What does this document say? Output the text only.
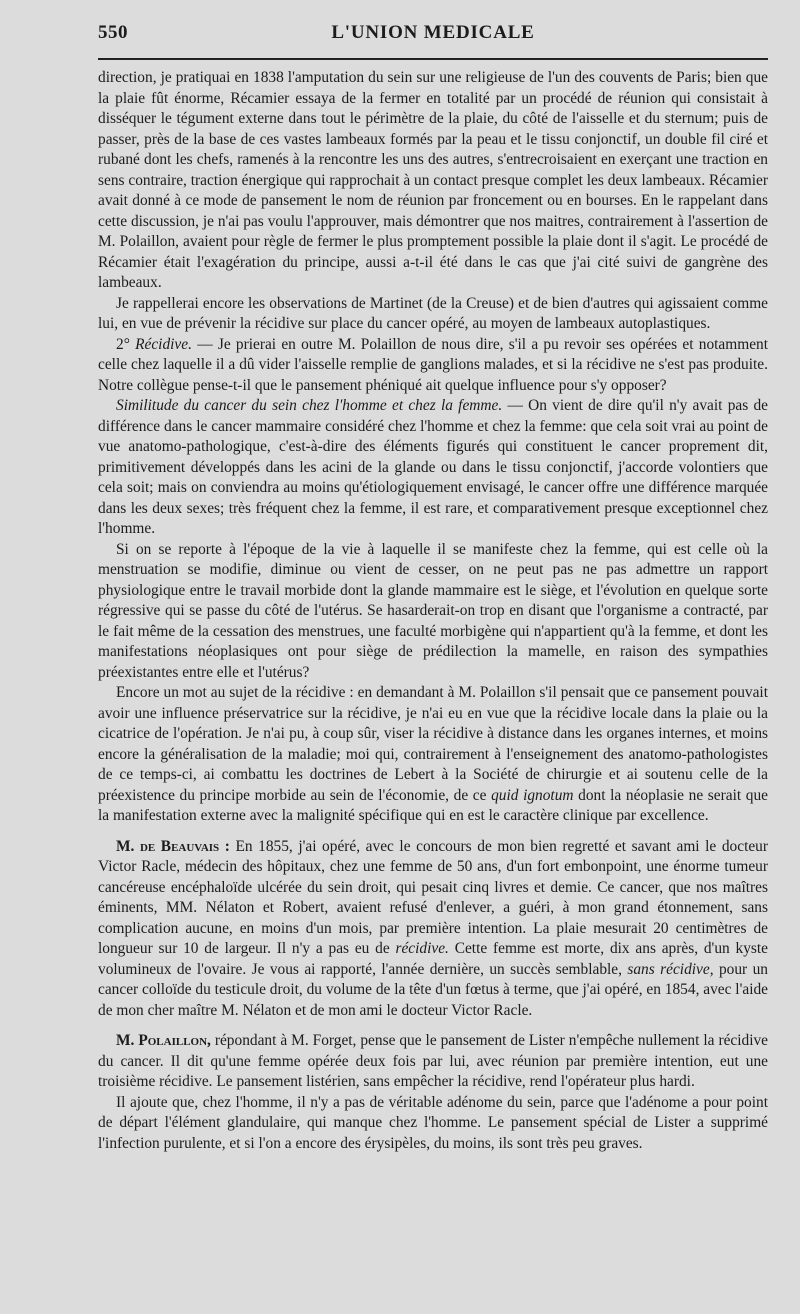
550	L'UNION MEDICALE

direction, je pratiquai en 1838 l'amputation du sein sur une religieuse de l'un des couvents de Paris; bien que la plaie fût énorme, Récamier essaya de la fermer en totalité par un procédé de réunion qui consistait à disséquer le tégument externe dans tout le périmètre de la plaie, du côté de l'aisselle et du sternum; puis de passer, près de la base de ces vastes lambeaux formés par la peau et le tissu conjonctif, un double fil ciré et rubané dont les chefs, ramenés à la rencontre les uns des autres, s'entrecroisaient en exerçant une traction en sens contraire, traction énergique qui rapprochait à un contact presque complet les deux lambeaux. Récamier avait donné à ce mode de pansement le nom de réunion par froncement ou en bourses. En le rappelant dans cette discussion, je n'ai pas voulu l'approuver, mais démontrer que nos maitres, contrairement à l'assertion de M. Polaillon, avaient pour règle de fermer le plus promptement possible la plaie dont il s'agit. Le procédé de Récamier était l'exagération du principe, aussi a-t-il été dans le cas que j'ai cité suivi de gangrène des lambeaux.

Je rappellerai encore les observations de Martinet (de la Creuse) et de bien d'autres qui agissaient comme lui, en vue de prévenir la récidive sur place du cancer opéré, au moyen de lambeaux autoplastiques.

2° Récidive. — Je prierai en outre M. Polaillon de nous dire, s'il a pu revoir ses opérées et notamment celle chez laquelle il a dû vider l'aisselle remplie de ganglions malades, et si la récidive ne s'est pas produite. Notre collègue pense-t-il que le pansement phéniqué ait quelque influence pour s'y opposer?

Similitude du cancer du sein chez l'homme et chez la femme. — On vient de dire qu'il n'y avait pas de différence dans le cancer mammaire considéré chez l'homme et chez la femme: que cela soit vrai au point de vue anatomo-pathologique, c'est-à-dire des éléments figurés qui constituent le cancer proprement dit, primitivement développés dans les acini de la glande ou dans le tissu conjonctif, j'accorde volontiers que cela soit; mais on conviendra au moins qu'étiologiquement envisagé, le cancer offre une différence marquée dans les deux sexes; très fréquent chez la femme, il est rare, et comparativement presque exceptionnel chez l'homme.

Si on se reporte à l'époque de la vie à laquelle il se manifeste chez la femme, qui est celle où la menstruation se modifie, diminue ou vient de cesser, on ne peut pas ne pas admettre un rapport physiologique entre le travail morbide dont la glande mammaire est le siège, et l'évolution en quelque sorte régressive qui se passe du côté de l'utérus. Se hasarderait-on trop en disant que l'organisme a contracté, par le fait même de la cessation des menstrues, une faculté morbigène qui n'appartient qu'à la femme, et dont les manifestations néoplasiques ont pour siège de prédilection la mamelle, en raison des sympathies préexistantes entre elle et l'utérus?

Encore un mot au sujet de la récidive : en demandant à M. Polaillon s'il pensait que ce pansement pouvait avoir une influence préservatrice sur la récidive, je n'ai eu en vue que la récidive locale dans la plaie ou la cicatrice de l'opération. Je n'ai pu, à coup sûr, viser la récidive à distance dans les organes internes, et moins encore la généralisation de la maladie; moi qui, contrairement à l'enseignement des anatomo-pathologistes de ce temps-ci, ai combattu les doctrines de Lebert à la Société de chirurgie et ai soutenu celle de la préexistence du principe morbide au sein de l'économie, de ce quid ignotum dont la néoplasie ne serait que la manifestation externe avec la malignité spécifique qui en est le caractère clinique par excellence.

M. de Beauvais : En 1855, j'ai opéré, avec le concours de mon bien regretté et savant ami le docteur Victor Racle, médecin des hôpitaux, chez une femme de 50 ans, d'un fort embonpoint, une énorme tumeur cancéreuse encéphaloïde ulcérée du sein droit, qui pesait cinq livres et demie. Ce cancer, que nos maîtres éminents, MM. Nélaton et Robert, avaient refusé d'enlever, a guéri, à mon grand étonnement, sans complication aucune, en moins d'un mois, par première intention. La plaie mesurait 20 centimètres de longueur sur 10 de largeur. Il n'y a pas eu de récidive. Cette femme est morte, dix ans après, d'un kyste volumineux de l'ovaire. Je vous ai rapporté, l'année dernière, un succès semblable, sans récidive, pour un cancer colloïde du testicule droit, du volume de la tête d'un fœtus à terme, que j'ai opéré, en 1854, avec l'aide de mon cher maître M. Nélaton et de mon ami le docteur Victor Racle.

M. Polaillon, répondant à M. Forget, pense que le pansement de Lister n'empêche nullement la récidive du cancer. Il dit qu'une femme opérée deux fois par lui, avec réunion par première intention, eut une troisième récidive. Le pansement listérien, sans empêcher la récidive, rend l'opérateur plus hardi.

Il ajoute que, chez l'homme, il n'y a pas de véritable adénome du sein, parce que l'adénome a pour point de départ l'élément glandulaire, qui manque chez l'homme. Le pansement spécial de Lister a supprimé l'infection purulente, et si l'on a encore des érysipèles, du moins, ils sont très peu graves.
